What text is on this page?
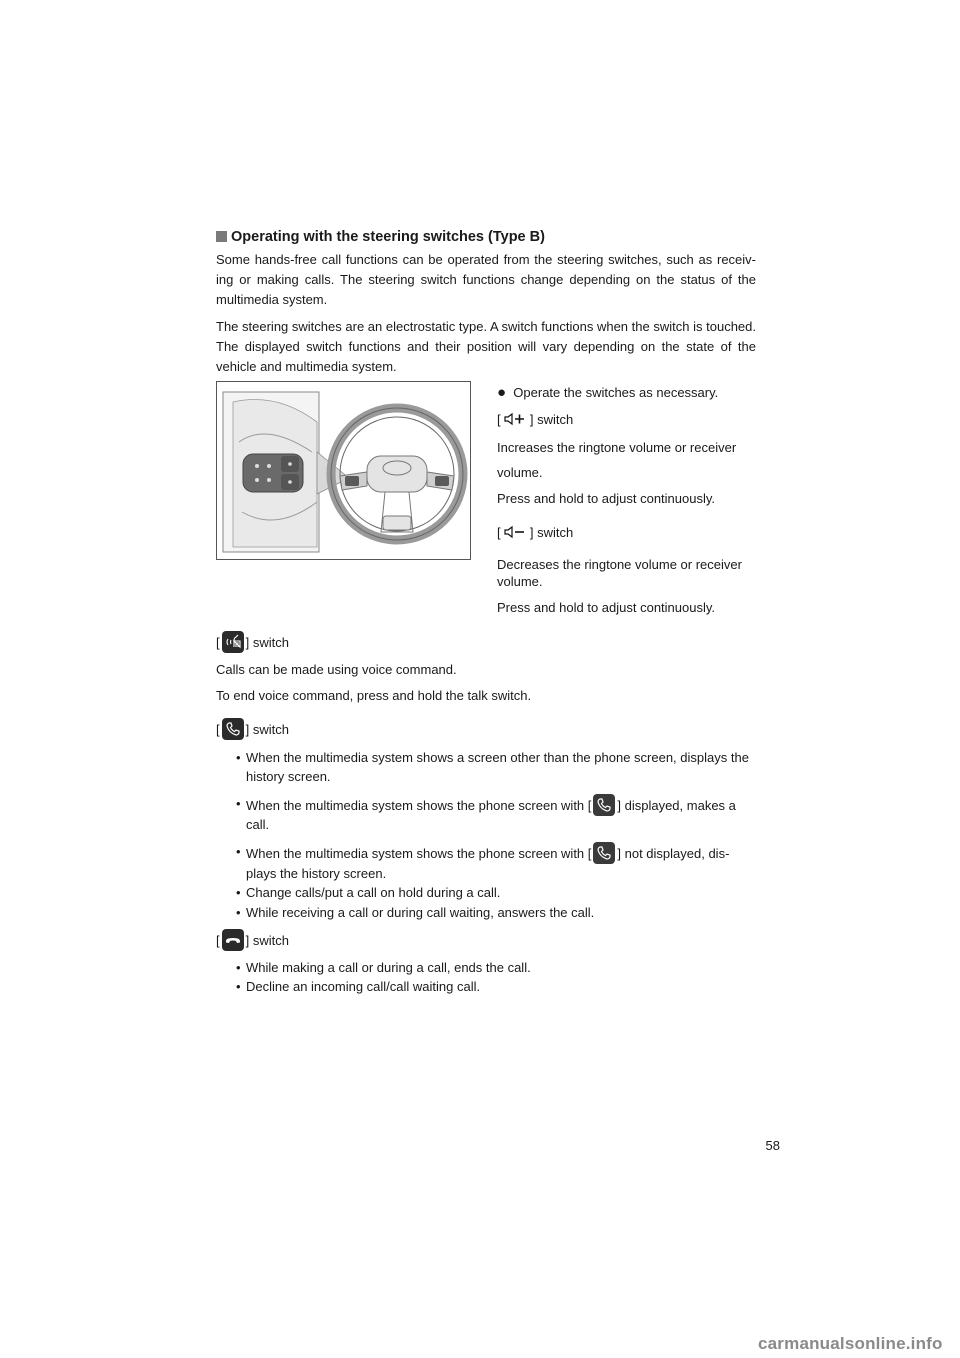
Operating with the steering switches (Type B)
Some hands-free call functions can be operated from the steering switches, such as receiv- ing or making calls. The steering switch functions change depending on the status of the multimedia system.
The steering switches are an electrostatic type. A switch functions when the switch is touched. The displayed switch functions and their position will vary depending on the state of the vehicle and multimedia system.
● Operate the switches as necessary.
[  ] switch
Increases the ringtone volume or receiver
volume.
Press and hold to adjust continuously.
[  ] switch
Decreases the ringtone volume or receiver
volume.
Press and hold to adjust continuously.
[ ] switch
Calls can be made using voice command.
To end voice command, press and hold the talk switch.
[ ] switch
• When the multimedia system shows a screen other than the phone screen, displays the
history screen.
• When the multimedia system shows the phone screen with [ ] displayed, makes a
call.
• When the multimedia system shows the phone screen with [ ] not displayed, dis-
plays the history screen.
• Change calls/put a call on hold during a call.
• While receiving a call or during call waiting, answers the call.
[ ] switch
• While making a call or during a call, ends the call.
• Decline an incoming call/call waiting call.
58
carmanualsonline.info
